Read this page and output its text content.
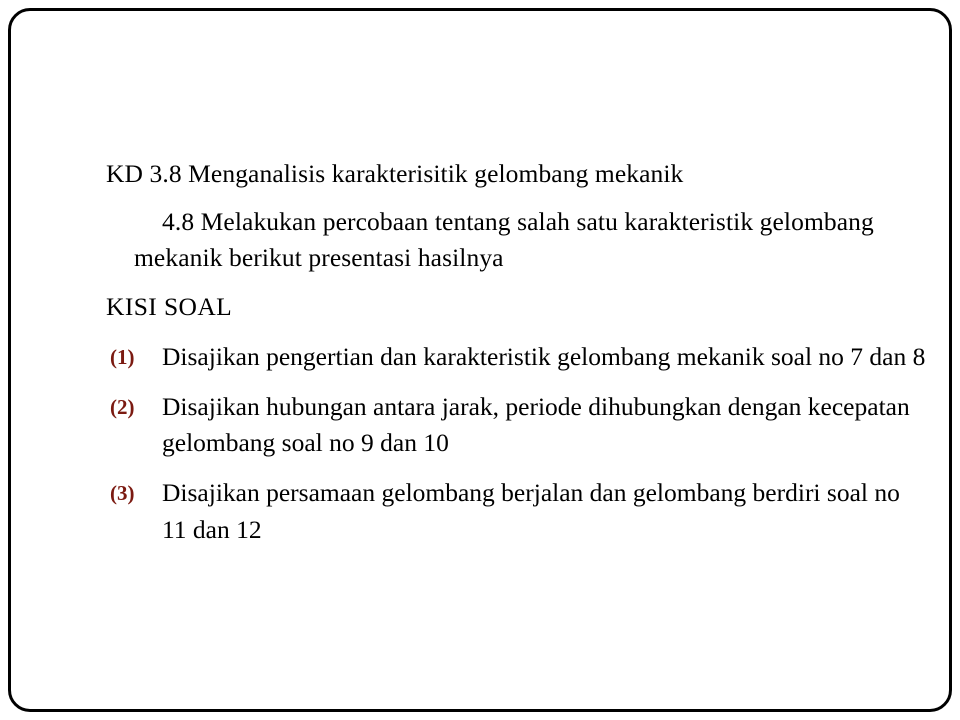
KD 3.8 Menganalisis karakterisitik gelombang mekanik
4.8 Melakukan percobaan tentang salah satu karakteristik gelombang mekanik berikut presentasi hasilnya
KISI SOAL
(1)	Disajikan pengertian dan karakteristik gelombang mekanik soal no 7 dan 8
(2)	Disajikan hubungan antara jarak, periode dihubungkan dengan kecepatan gelombang soal no 9 dan 10
(3)	Disajikan persamaan gelombang berjalan dan gelombang berdiri soal no 11 dan 12
